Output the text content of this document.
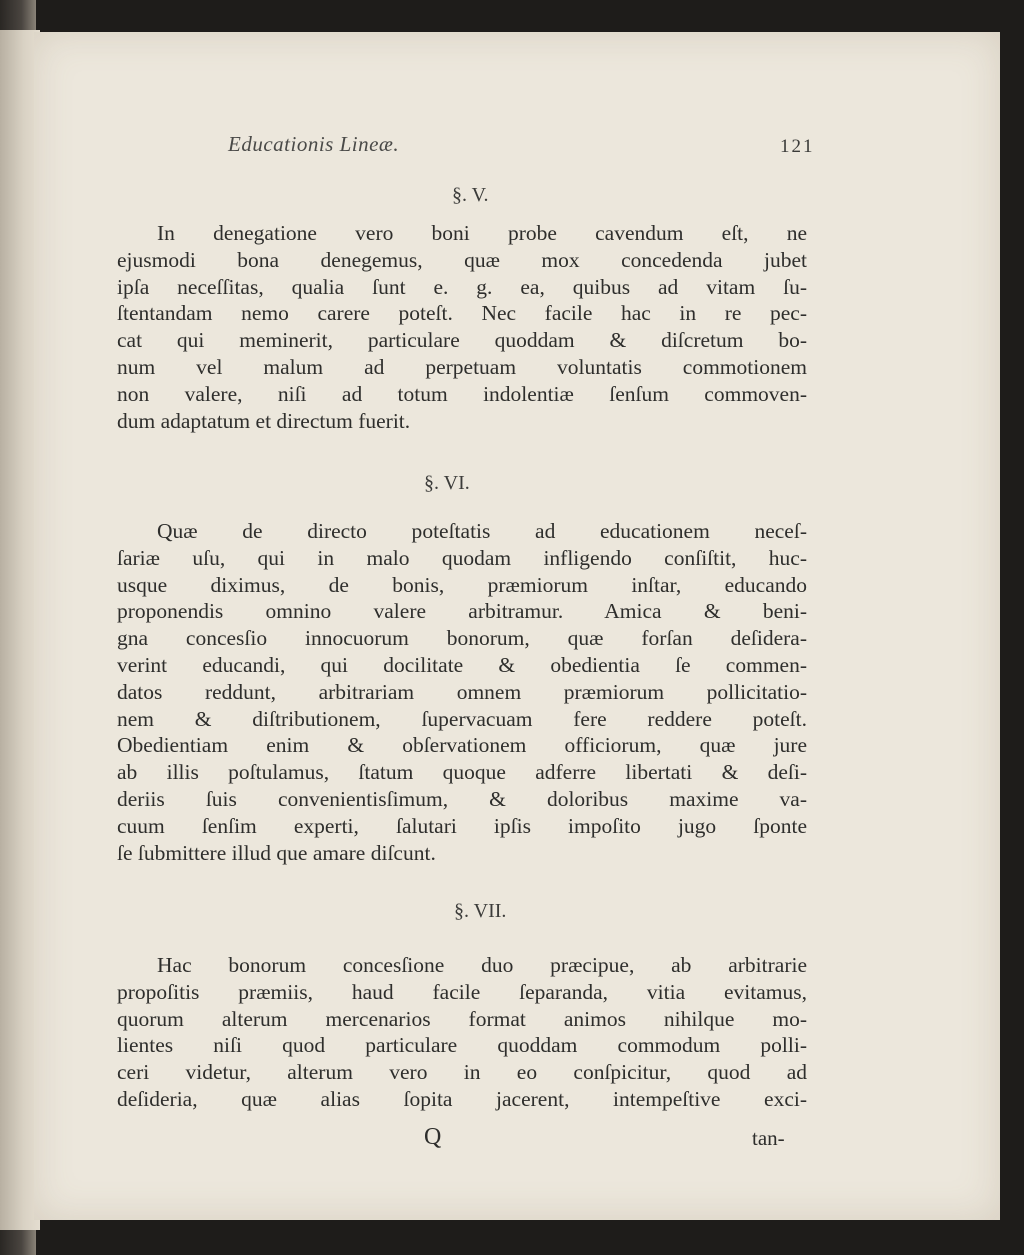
Educationis Lineæ.	121
§. V.
In denegatione vero boni probe cavendum eſt, ne
ejusmodi bona denegemus, quæ mox concedenda jubet
ipſa neceſſitas, qualia ſunt e. g. ea, quibus ad vitam ſu-
ſtentandam nemo carere poteſt. Nec facile hac in re pec-
cat qui meminerit, particulare quoddam & diſcretum bo-
num vel malum ad perpetuam voluntatis commotionem
non valere, niſi ad totum indolentiæ ſenſum commoven-
dum adaptatum et directum fuerit.
§. VI.
Quæ de directo poteſtatis ad educationem neceſ-
ſariæ uſu, qui in malo quodam infligendo conſiſtit, huc-
usque diximus, de bonis, præmiorum inſtar, educando
proponendis omnino valere arbitramur. Amica & beni-
gna concesſio innocuorum bonorum, quæ forſan deſidera-
verint educandi, qui docilitate & obedientia ſe commen-
datos reddunt, arbitrariam omnem præmiorum pollicitatio-
nem & diſtributionem, ſupervacuam fere reddere poteſt.
Obedientiam enim & obſervationem officiorum, quæ jure
ab illis poſtulamus, ſtatum quoque adferre libertati & deſi-
deriis ſuis convenientisſimum, & doloribus maxime va-
cuum ſenſim experti, ſalutari ipſis impoſito jugo ſponte
ſe ſubmittere illud que amare diſcunt.
§. VII.
Hac bonorum concesſione duo præcipue, ab arbitrarie
propoſitis præmiis, haud facile ſeparanda, vitia evitamus,
quorum alterum mercenarios format animos nihilque mo-
lientes niſi quod particulare quoddam commodum polli-
ceri videtur, alterum vero in eo conſpicitur, quod ad
deſideria, quæ alias ſopita jacerent, intempeſtive exci-
Q	tan-
